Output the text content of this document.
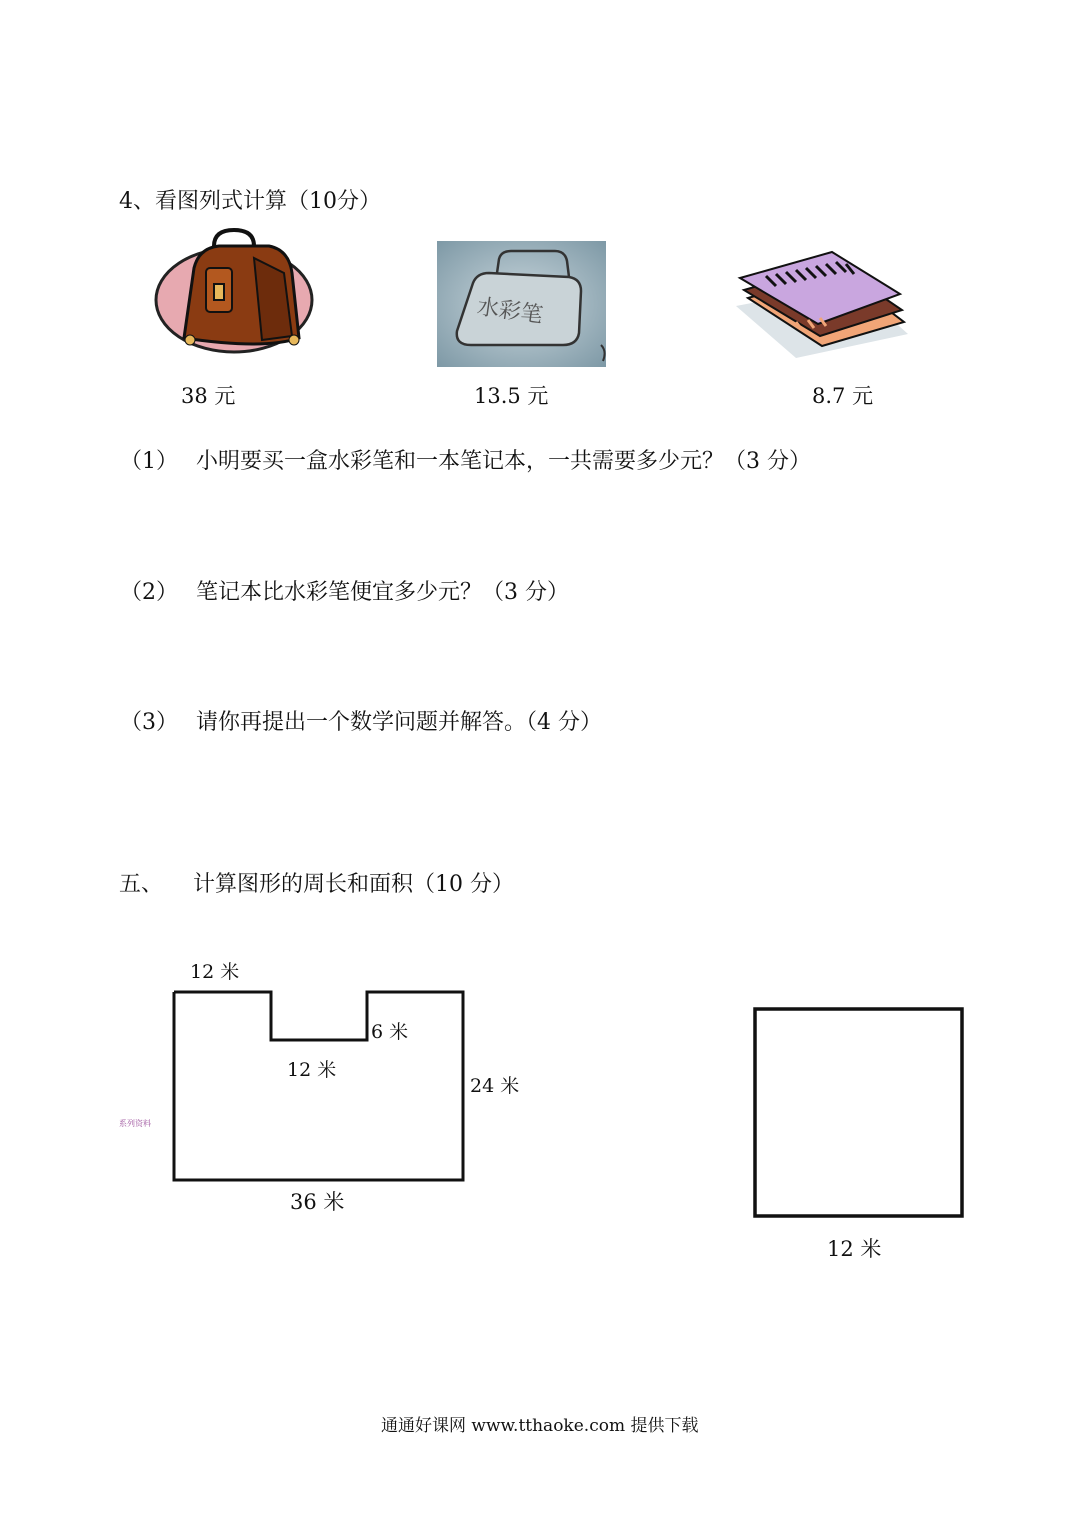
4、看图列式计算（10分）
水彩笔
38 元	13.5 元	8.7 元
（1） 小明要买一盒水彩笔和一本笔记本，一共需要多少元？（3 分）
（2） 笔记本比水彩笔便宜多少元？（3 分）
（3） 请你再提出一个数学问题并解答。（4 分）
五、 计算图形的周长和面积（10 分）
12 米
6 米
12 米
24 米
36 米
系列资料
12 米
通通好课网 www.tthaoke.com 提供下载
